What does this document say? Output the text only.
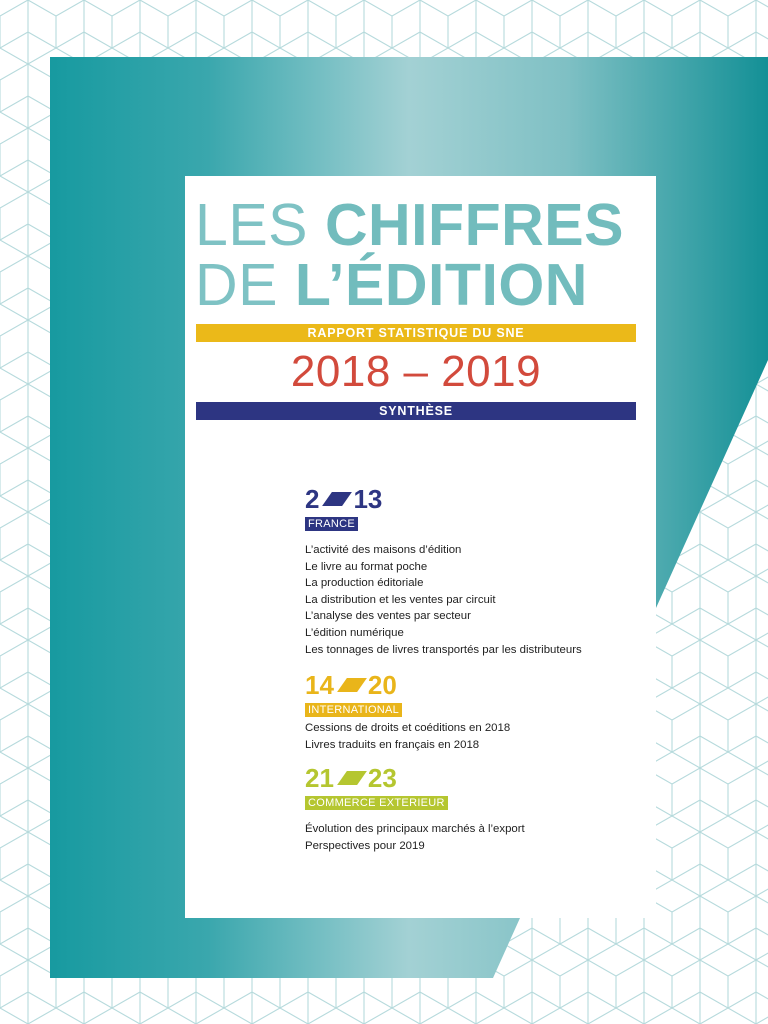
LES CHIFFRES
DE L’ÉDITION
RAPPORT STATISTIQUE DU SNE
2018 – 2019
SYNTHÈSE
2 13
FRANCE
L’activité des maisons d’édition
Le livre au format poche
La production éditoriale
La distribution et les ventes par circuit
L’analyse des ventes par secteur
L’édition numérique
Les tonnages de livres transportés par les distributeurs
14 20
INTERNATIONAL
Cessions de droits et coéditions en 2018
Livres traduits en français en 2018
21 23
COMMERCE EXTERIEUR
Évolution des principaux marchés à l’export
Perspectives pour 2019
